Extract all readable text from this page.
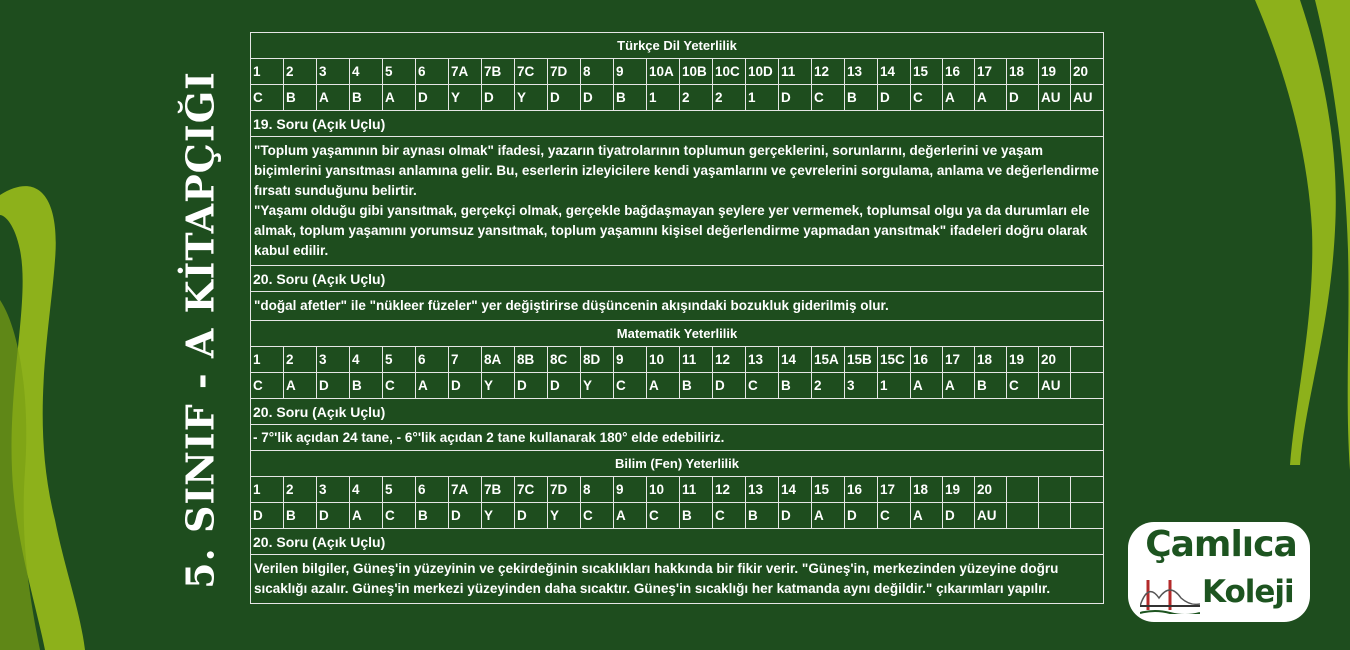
5. SINIF - A KİTAPÇIĞI
Türkçe Dil Yeterlilik																									
1	2	3	4	5	6	7A	7B	7C	7D	8	9	10A	10B	10C	10D	11	12	13	14	15	16	17	18	19	20
C	B	A	B	A	D	Y	D	Y	D	D	B	1	2	2	1	D	C	B	D	C	A	A	D	AU	AU
19. Soru (Açık Uçlu)																									

"Toplum yaşamının bir aynası olmak" ifadesi, yazarın tiyatrolarının toplumun gerçeklerini, sorunlarını, değerlerini ve yaşam biçimlerini yansıtması anlamına gelir. Bu, eserlerin izleyicilere kendi yaşamlarını ve çevrelerini sorgulama, anlama ve değerlendirme fırsatı sunduğunu belirtir.
"Yaşamı olduğu gibi yansıtmak, gerçekçi olmak, gerçekle bağdaşmayan şeylere yer vermemek, toplumsal olgu ya da durumları ele almak, toplum yaşamını yorumsuz yansıtmak, toplum yaşamını kişisel değerlendirme yapmadan yansıtmak" ifadeleri doğru olarak kabul edilir.																									

20. Soru (Açık Uçlu)																									
"doğal afetler" ile "nükleer füzeler" yer değiştirirse düşüncenin akışındaki bozukluk giderilmiş olur.																									
Matematik Yeterlilik																									
1	2	3	4	5	6	7	8A	8B	8C	8D	9	10	11	12	13	14	15A	15B	15C	16	17	18	19	20	
C	A	D	B	C	A	D	Y	D	D	Y	C	A	B	D	C	B	2	3	1	A	A	B	C	AU	
20. Soru (Açık Uçlu)																									
- 7°'lik açıdan 24 tane, - 6°'lik açıdan 2 tane kullanarak 180° elde edebiliriz.																									
Bilim (Fen) Yeterlilik																									
1	2	3	4	5	6	7A	7B	7C	7D	8	9	10	11	12	13	14	15	16	17	18	19	20			
D	B	D	A	C	B	D	Y	D	Y	C	A	C	B	C	B	D	A	D	C	A	D	AU			
20. Soru (Açık Uçlu)																									
Verilen bilgiler, Güneş'in yüzeyinin ve çekirdeğinin sıcaklıkları hakkında bir fikir verir. "Güneş'in, merkezinden yüzeyine doğru sıcaklığı azalır. Güneş'in merkezi yüzeyinden daha sıcaktır. Güneş'in sıcaklığı her katmanda aynı değildir." çıkarımları yapılır.																									
Çamlıca
Koleji
